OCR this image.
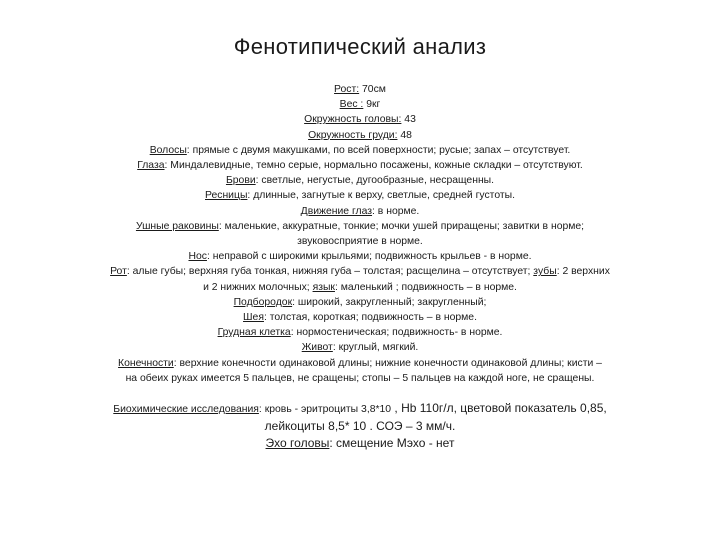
Фенотипический анализ

Рост: 70см

Вес : 9кг

Окружность головы: 43

Окружность груди: 48

Волосы: прямые с двумя макушками, по всей поверхности; русые; запах – отсутствует.

Глаза: Миндалевидные, темно серые, нормально посажены, кожные складки – отсутствуют.

Брови: светлые, негустые, дугообразные, несращенны.

Ресницы: длинные, загнутые к верху, светлые, средней густоты.

Движение глаз: в норме.

Ушные раковины: маленькие, аккуратные, тонкие; мочки ушей приращены; завитки в норме;
звуковосприятие в норме.

Нос: неправой с широкими крыльями; подвижность крыльев - в норме.

Рот: алые губы; верхняя губа тонкая, нижняя губа – толстая; расщелина – отсутствует; зубы: 2 верхних
и 2 нижних молочных; язык: маленький ; подвижность – в норме.

Подбородок: широкий, закругленный; закругленный;

Шея: толстая, короткая; подвижность – в норме.

Грудная клетка: нормостеническая; подвижность- в норме.

Живот: круглый, мягкий.

Конечности: верхние конечности одинаковой длины; нижние конечности одинаковой длины; кисти –
на обеих руках имеется 5 пальцев, не сращены; стопы – 5 пальцев на каждой ноге, не сращены.

Биохимические исследования: кровь - эритроциты 3,8*10 , Hb 110г/л, цветовой показатель 0,85,

лейкоциты 8,5* 10 . СОЭ – 3 мм/ч.

Эхо головы: смещение Мэхо - нет
